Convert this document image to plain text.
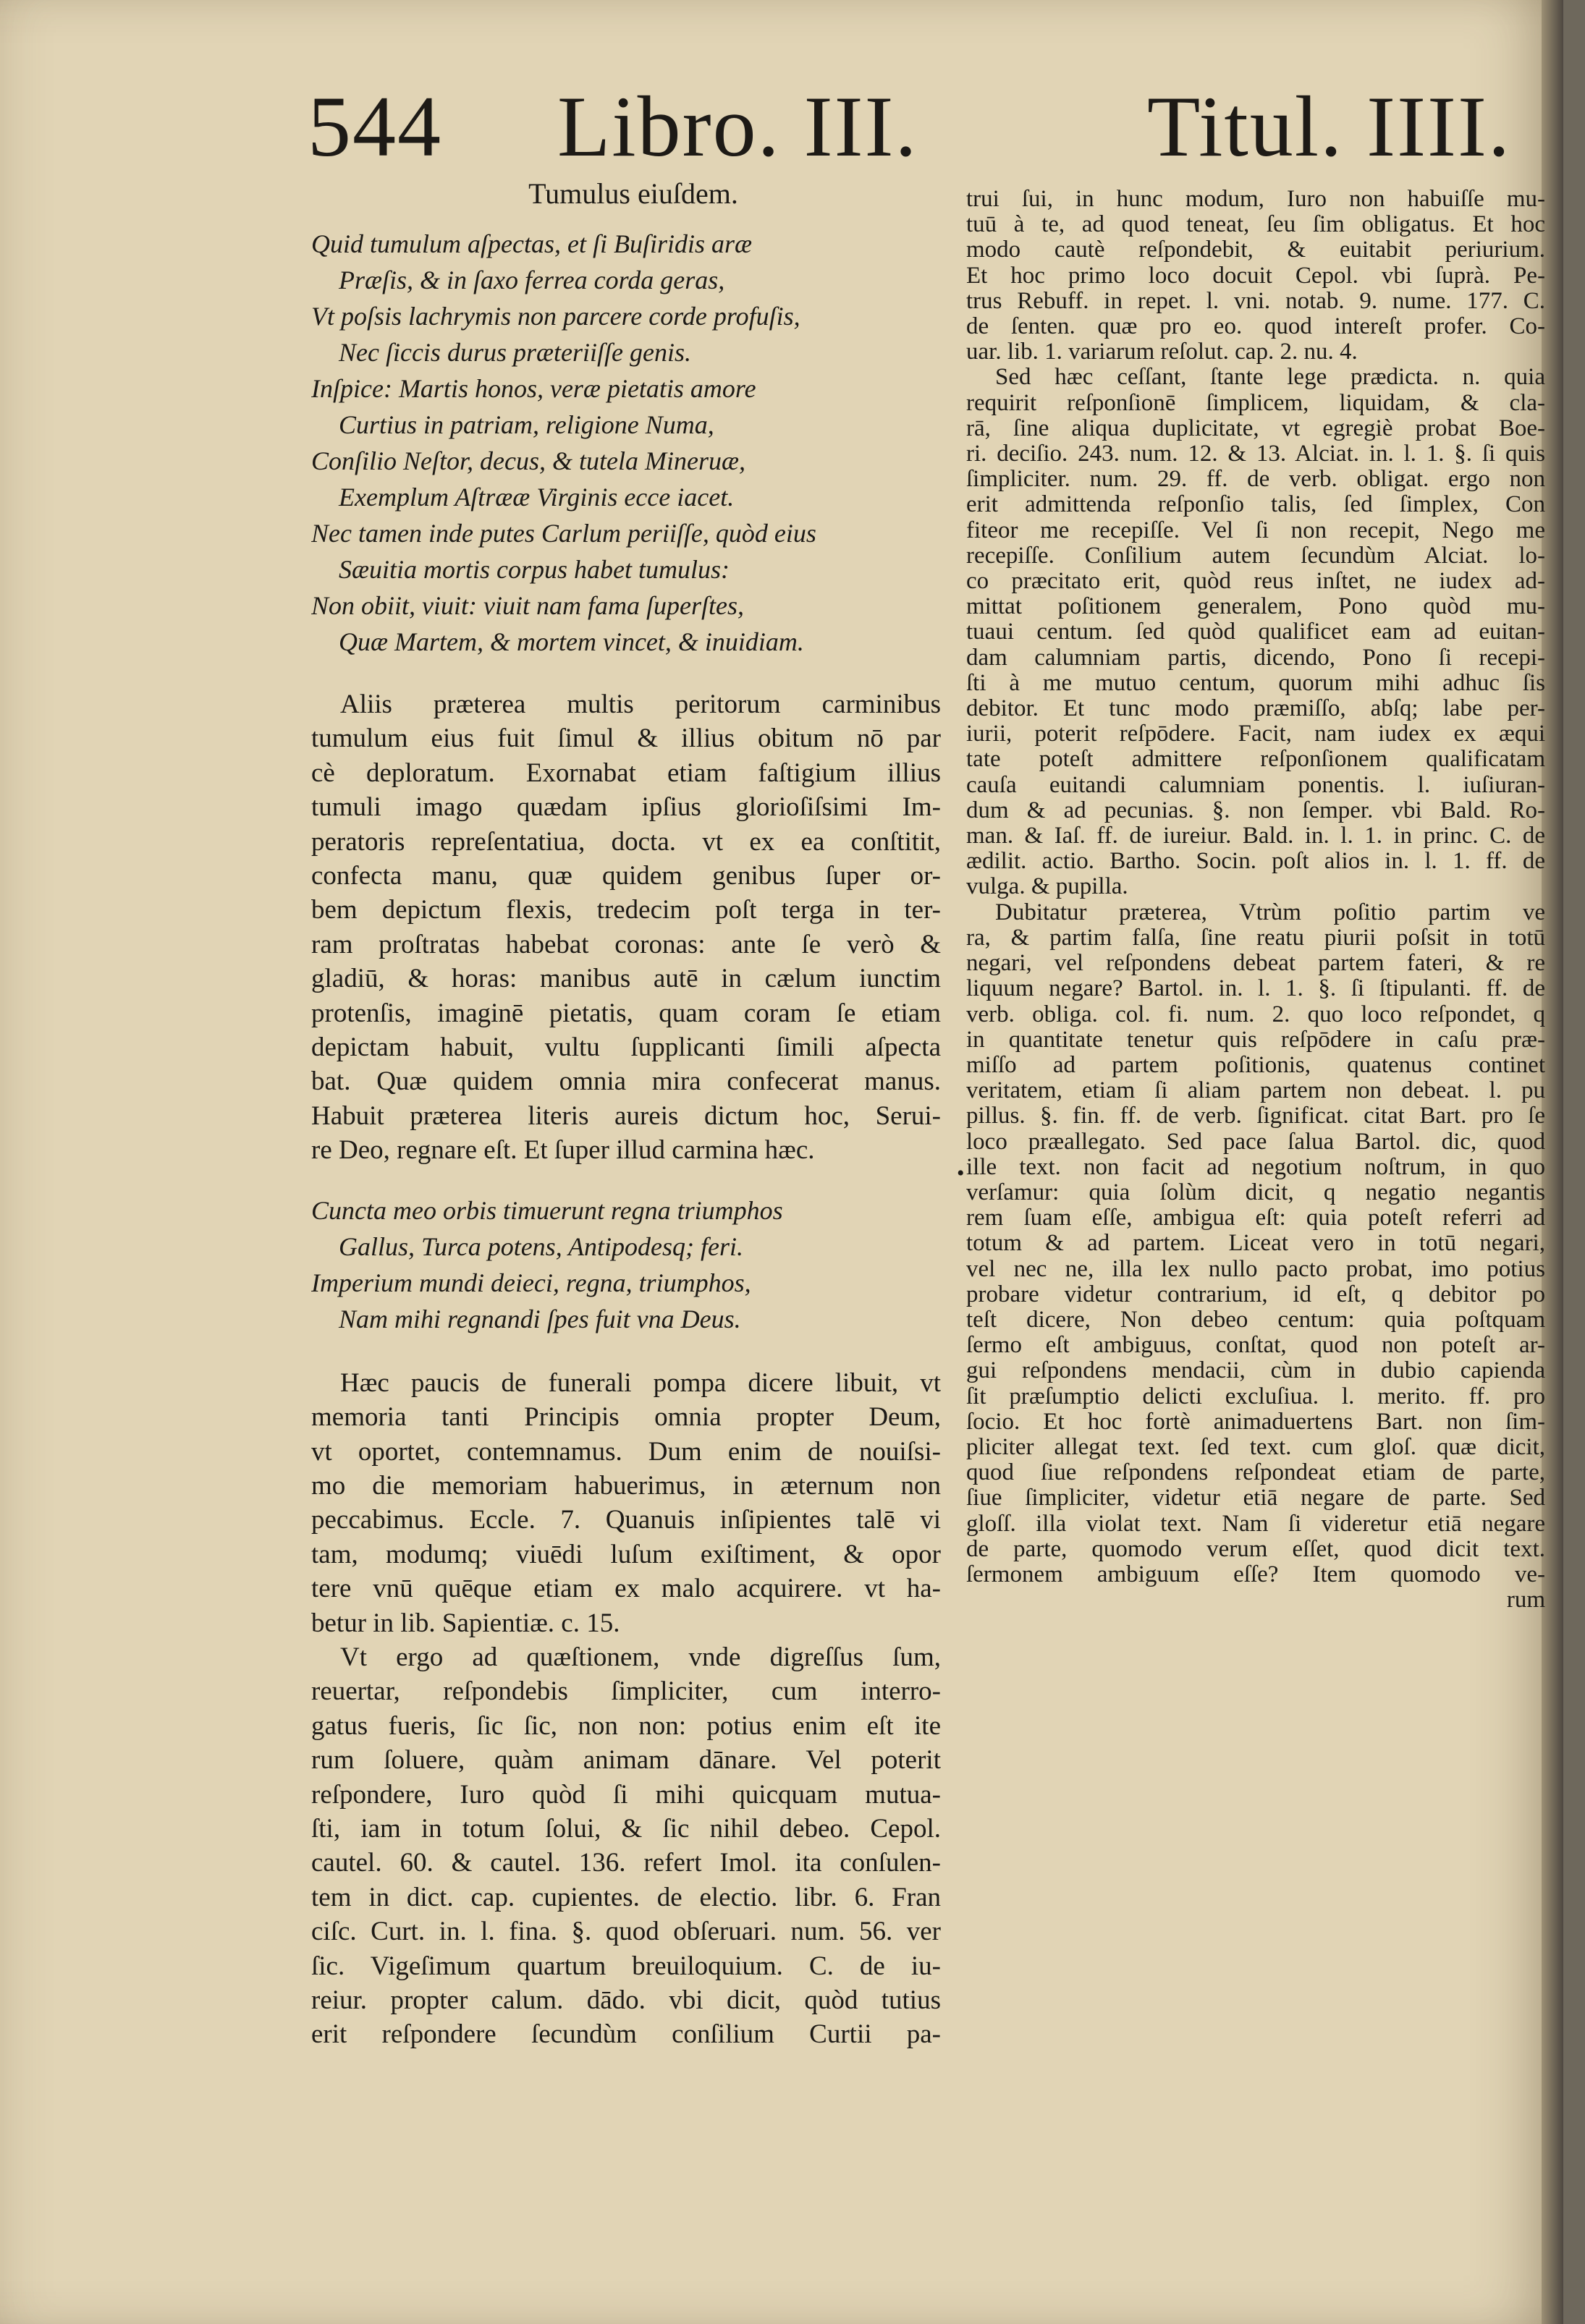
544 Libro. III.	Titul. IIII.
Tumulus eiuſdem.

Quid tumulum aſpectas, et ſi Buſiridis aræ

Præſis, & in ſaxo ferrea corda geras,

Vt poſsis lachrymis non parcere corde profuſis,

Nec ſiccis durus præteriiſſe genis.

Inſpice: Martis honos, veræ pietatis amore

Curtius in patriam, religione Numa,

Conſilio Neſtor, decus, & tutela Mineruæ,

Exemplum Aſtrææ Virginis ecce iacet.

Nec tamen inde putes Carlum periiſſe, quòd eius

Sæuitia mortis corpus habet tumulus:

Non obiit, viuit: viuit nam fama ſuperſtes,

Quæ Martem, & mortem vincet, & inuidiam.

Aliis præterea multis peritorum carminibus

tumulum eius fuit ſimul & illius obitum nō par

cè deploratum. Exornabat etiam faſtigium illius

tumuli imago quædam ipſius glorioſiſsimi Im-

peratoris repreſentatiua, docta. vt ex ea conſtitit,

confecta manu, quæ quidem genibus ſuper or-

bem depictum flexis, tredecim poſt terga in ter-

ram proſtratas habebat coronas: ante ſe verò &

gladiū, & horas: manibus autē in cælum iunctim

protenſis, imaginē pietatis, quam coram ſe etiam

depictam habuit, vultu ſupplicanti ſimili aſpecta

bat. Quæ quidem omnia mira confecerat manus.

Habuit præterea literis aureis dictum hoc, Serui-

re Deo, regnare eſt. Et ſuper illud carmina hæc.

Cuncta meo orbis timuerunt regna triumphos

Gallus, Turca potens, Antipodesq; feri.

Imperium mundi deieci, regna, triumphos,

Nam mihi regnandi ſpes fuit vna Deus.

Hæc paucis de funerali pompa dicere libuit, vt

memoria tanti Principis omnia propter Deum,

vt oportet, contemnamus. Dum enim de nouiſsi-

mo die memoriam habuerimus, in æternum non

peccabimus. Eccle. 7. Quanuis inſipientes talē vi

tam, modumq; viuēdi luſum exiſtiment, & opor

tere vnū quēque etiam ex malo acquirere. vt ha-

betur in lib. Sapientiæ. c. 15.

Vt ergo ad quæſtionem, vnde digreſſus ſum,

reuertar, reſpondebis ſimpliciter, cum interro-

gatus fueris, ſic ſic, non non: potius enim eſt ite

rum ſoluere, quàm animam dānare. Vel poterit

reſpondere, Iuro quòd ſi mihi quicquam mutua-

ſti, iam in totum ſolui, & ſic nihil debeo. Cepol.

cautel. 60. & cautel. 136. refert Imol. ita conſulen-

tem in dict. cap. cupientes. de electio. libr. 6. Fran

ciſc. Curt. in. l. fina. §. quod obſeruari. num. 56. ver

ſic. Vigeſimum quartum breuiloquium. C. de iu-

reiur. propter calum. dādo. vbi dicit, quòd tutius

erit reſpondere ſecundùm conſilium Curtii pa-

•

trui ſui, in hunc modum, Iuro non habuiſſe mu-

tuū à te, ad quod teneat, ſeu ſim obligatus. Et hoc

modo cautè reſpondebit, & euitabit periurium.

Et hoc primo loco docuit Cepol. vbi ſuprà. Pe-

trus Rebuff. in repet. l. vni. notab. 9. nume. 177. C.

de ſenten. quæ pro eo. quod intereſt profer. Co-

uar. lib. 1. variarum reſolut. cap. 2. nu. 4.

Sed hæc ceſſant, ſtante lege prædicta. n. quia

requirit reſponſionē ſimplicem, liquidam, & cla-

rā, ſine aliqua duplicitate, vt egregiè probat Boe-

ri. deciſio. 243. num. 12. & 13. Alciat. in. l. 1. §. ſi quis

ſimpliciter. num. 29. ff. de verb. obligat. ergo non

erit admittenda reſponſio talis, ſed ſimplex, Con

fiteor me recepiſſe. Vel ſi non recepit, Nego me

recepiſſe. Conſilium autem ſecundùm Alciat. lo-

co præcitato erit, quòd reus inſtet, ne iudex ad-

mittat poſitionem generalem, Pono quòd mu-

tuaui centum. ſed quòd qualificet eam ad euitan-

dam calumniam partis, dicendo, Pono ſi recepi-

ſti à me mutuo centum, quorum mihi adhuc ſis

debitor. Et tunc modo præmiſſo, abſq; labe per-

iurii, poterit reſpōdere. Facit, nam iudex ex æqui

tate poteſt admittere reſponſionem qualificatam

cauſa euitandi calumniam ponentis. l. iuſiuran-

dum & ad pecunias. §. non ſemper. vbi Bald. Ro-

man. & Iaſ. ff. de iureiur. Bald. in. l. 1. in princ. C. de

ædilit. actio. Bartho. Socin. poſt alios in. l. 1. ff. de

vulga. & pupilla.

Dubitatur præterea, Vtrùm poſitio partim ve

ra, & partim falſa, ſine reatu piurii poſsit in totū

negari, vel reſpondens debeat partem fateri, & re

liquum negare? Bartol. in. l. 1. §. ſi ſtipulanti. ff. de

verb. obliga. col. fi. num. 2. quo loco reſpondet, q

in quantitate tenetur quis reſpōdere in caſu præ-

miſſo ad partem poſitionis, quatenus continet

veritatem, etiam ſi aliam partem non debeat. l. pu

pillus. §. fin. ff. de verb. ſignificat. citat Bart. pro ſe

loco præallegato. Sed pace ſalua Bartol. dic, quod

ille text. non facit ad negotium noſtrum, in quo

verſamur: quia ſolùm dicit, q negatio negantis

rem ſuam eſſe, ambigua eſt: quia poteſt referri ad

totum & ad partem. Liceat vero in totū negari,

vel nec ne, illa lex nullo pacto probat, imo potius

probare videtur contrarium, id eſt, q debitor po

teſt dicere, Non debeo centum: quia poſtquam

ſermo eſt ambiguus, conſtat, quod non poteſt ar-

gui reſpondens mendacii, cùm in dubio capienda

ſit præſumptio delicti excluſiua. l. merito. ff. pro

ſocio. Et hoc fortè animaduertens Bart. non ſim-

pliciter allegat text. ſed text. cum gloſ. quæ dicit,

quod ſiue reſpondens reſpondeat etiam de parte,

ſiue ſimpliciter, videtur etiā negare de parte. Sed

gloſſ. illa violat text. Nam ſi videretur etiā negare

de parte, quomodo verum eſſet, quod dicit text.

ſermonem ambiguum eſſe? Item quomodo ve-

rum
